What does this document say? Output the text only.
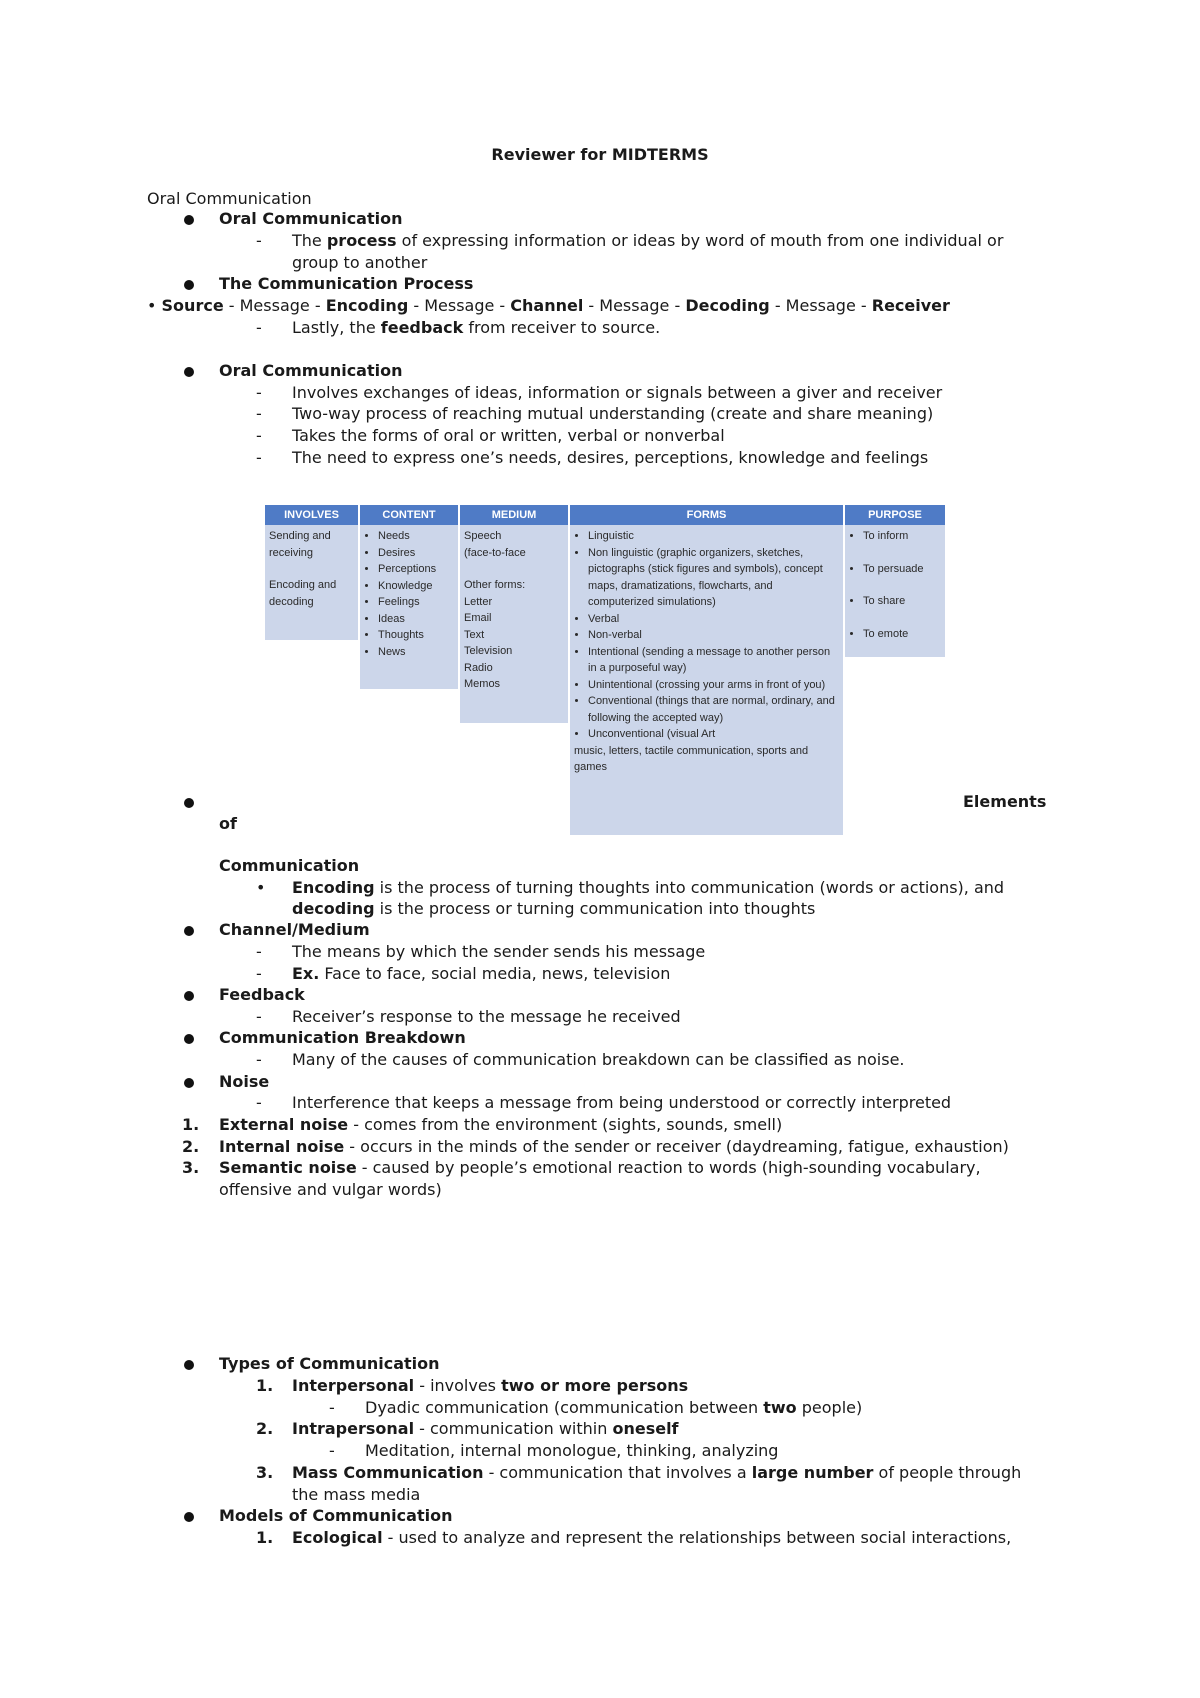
Reviewer for MIDTERMS
Oral Communication
Oral Communication
- The process of expressing information or ideas by word of mouth from one individual or
group to another
The Communication Process
• Source - Message - Encoding - Message - Channel - Message - Decoding - Message - Receiver
- Lastly, the feedback from receiver to source.
Oral Communication
- Involves exchanges of ideas, information or signals between a giver and receiver
- Two-way process of reaching mutual understanding (create and share meaning)
- Takes the forms of oral or written, verbal or nonverbal
- The need to express one’s needs, desires, perceptions, knowledge and feelings
INVOLVES
Sending and receiving
Encoding and decoding
CONTENT
• Needs
• Desires
• Perceptions
• Knowledge
• Feelings
• Ideas
• Thoughts
• News
MEDIUM
Speech
(face-to-face
Other forms:
Letter
Email
Text
Television
Radio
Memos
FORMS
• Linguistic
• Non linguistic (graphic organizers, sketches, pictographs (stick figures and symbols), concept maps, dramatizations, flowcharts, and computerized simulations)
• Verbal
• Non-verbal
• Intentional (sending a message to another person in a purposeful way)
• Unintentional (crossing your arms in front of you)
• Conventional (things that are normal, ordinary, and following the accepted way)
• Unconventional (visual Art
music, letters, tactile communication, sports and games
PURPOSE
• To inform
• To persuade
• To share
• To emote
Elements
of
Communication
• Encoding is the process of turning thoughts into communication (words or actions), and
decoding is the process or turning communication into thoughts
Channel/Medium
- The means by which the sender sends his message
- Ex. Face to face, social media, news, television
Feedback
- Receiver’s response to the message he received
Communication Breakdown
- Many of the causes of communication breakdown can be classified as noise.
Noise
- Interference that keeps a message from being understood or correctly interpreted
1. External noise - comes from the environment (sights, sounds, smell)
2. Internal noise - occurs in the minds of the sender or receiver (daydreaming, fatigue, exhaustion)
3. Semantic noise - caused by people’s emotional reaction to words (high-sounding vocabulary,
offensive and vulgar words)
Types of Communication
1. Interpersonal - involves two or more persons
- Dyadic communication (communication between two people)
2. Intrapersonal - communication within oneself
- Meditation, internal monologue, thinking, analyzing
3. Mass Communication - communication that involves a large number of people through
the mass media
Models of Communication
1. Ecological - used to analyze and represent the relationships between social interactions,
